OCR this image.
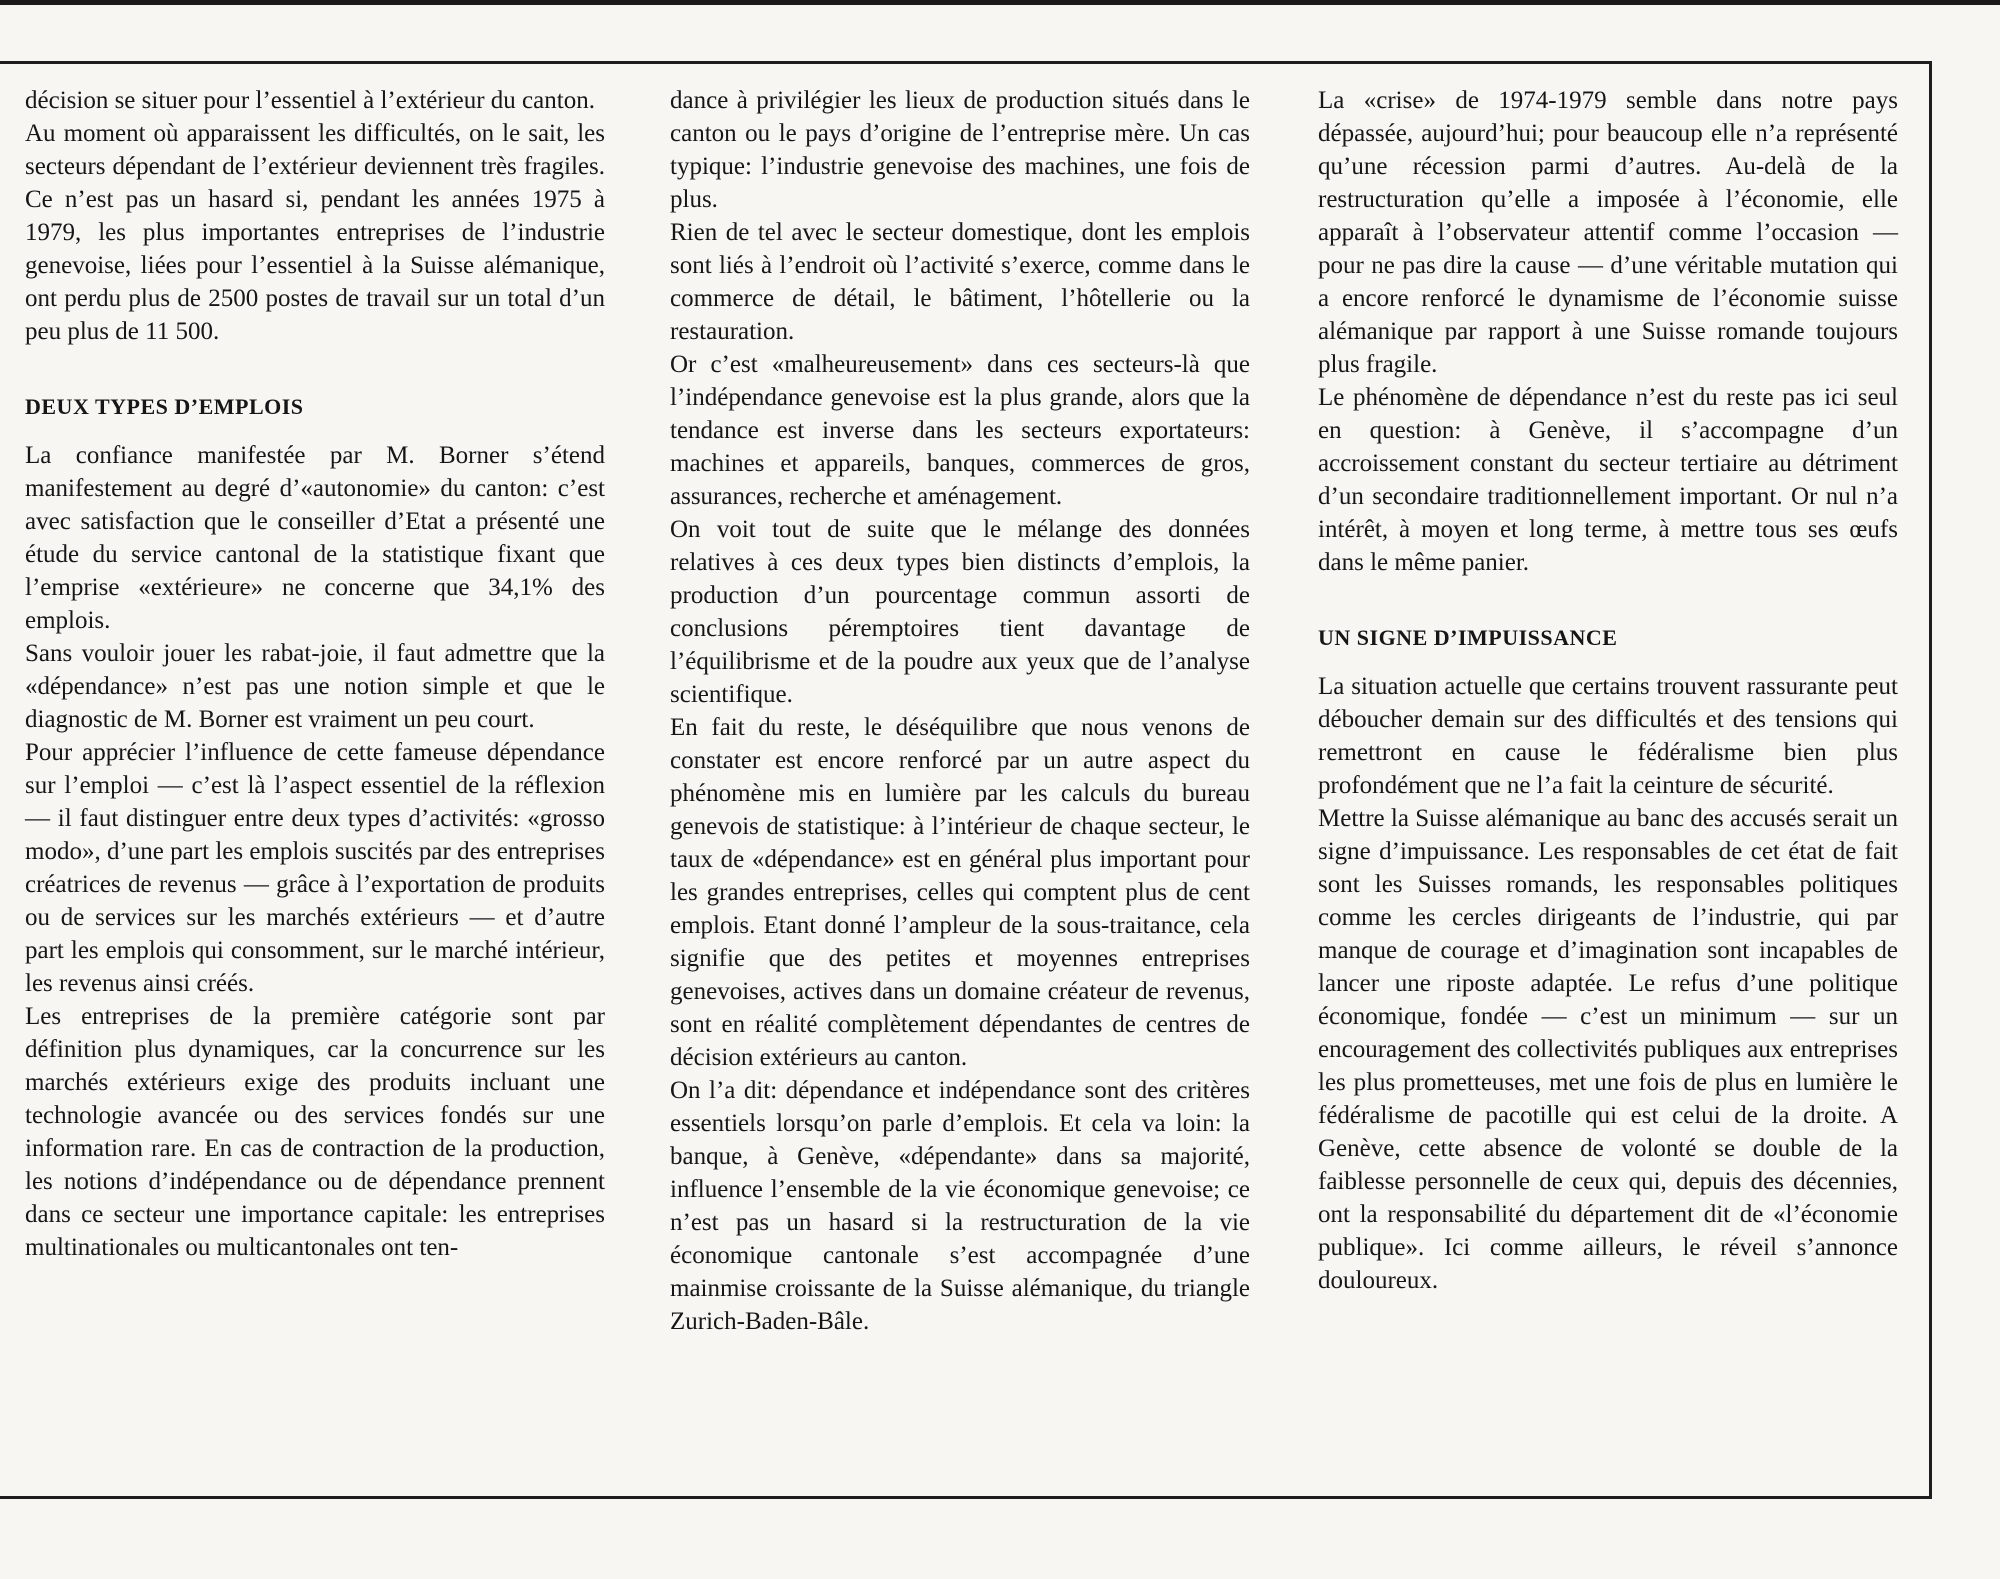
décision se situer pour l’essentiel à l’extérieur du canton.

Au moment où apparaissent les difficultés, on le sait, les secteurs dépendant de l’extérieur deviennent très fragiles. Ce n’est pas un hasard si, pendant les années 1975 à 1979, les plus importantes entreprises de l’industrie genevoise, liées pour l’essentiel à la Suisse alémanique, ont perdu plus de 2500 postes de travail sur un total d’un peu plus de 11 500.

DEUX TYPES D’EMPLOIS

La confiance manifestée par M. Borner s’étend manifestement au degré d’«autonomie» du canton: c’est avec satisfaction que le conseiller d’Etat a présenté une étude du service cantonal de la statistique fixant que l’emprise «extérieure» ne concerne que 34,1% des emplois.

Sans vouloir jouer les rabat-joie, il faut admettre que la «dépendance» n’est pas une notion simple et que le diagnostic de M. Borner est vraiment un peu court.

Pour apprécier l’influence de cette fameuse dépendance sur l’emploi — c’est là l’aspect essentiel de la réflexion — il faut distinguer entre deux types d’activités: «grosso modo», d’une part les emplois suscités par des entreprises créatrices de revenus — grâce à l’exportation de produits ou de services sur les marchés extérieurs — et d’autre part les emplois qui consomment, sur le marché intérieur, les revenus ainsi créés.

Les entreprises de la première catégorie sont par définition plus dynamiques, car la concurrence sur les marchés extérieurs exige des produits incluant une technologie avancée ou des services fondés sur une information rare. En cas de contraction de la production, les notions d’indépendance ou de dépendance prennent dans ce secteur une importance capitale: les entreprises multinationales ou multicantonales ont ten-

dance à privilégier les lieux de production situés dans le canton ou le pays d’origine de l’entreprise mère. Un cas typique: l’industrie genevoise des machines, une fois de plus.

Rien de tel avec le secteur domestique, dont les emplois sont liés à l’endroit où l’activité s’exerce, comme dans le commerce de détail, le bâtiment, l’hôtellerie ou la restauration.

Or c’est «malheureusement» dans ces secteurs-là que l’indépendance genevoise est la plus grande, alors que la tendance est inverse dans les secteurs exportateurs: machines et appareils, banques, commerces de gros, assurances, recherche et aménagement.

On voit tout de suite que le mélange des données relatives à ces deux types bien distincts d’emplois, la production d’un pourcentage commun assorti de conclusions péremptoires tient davantage de l’équilibrisme et de la poudre aux yeux que de l’analyse scientifique.

En fait du reste, le déséquilibre que nous venons de constater est encore renforcé par un autre aspect du phénomène mis en lumière par les calculs du bureau genevois de statistique: à l’intérieur de chaque secteur, le taux de «dépendance» est en général plus important pour les grandes entreprises, celles qui comptent plus de cent emplois. Etant donné l’ampleur de la sous-traitance, cela signifie que des petites et moyennes entreprises genevoises, actives dans un domaine créateur de revenus, sont en réalité complètement dépendantes de centres de décision extérieurs au canton.

On l’a dit: dépendance et indépendance sont des critères essentiels lorsqu’on parle d’emplois. Et cela va loin: la banque, à Genève, «dépendante» dans sa majorité, influence l’ensemble de la vie économique genevoise; ce n’est pas un hasard si la restructuration de la vie économique cantonale s’est accompagnée d’une mainmise croissante de la Suisse alémanique, du triangle Zurich-Baden-Bâle.

La «crise» de 1974-1979 semble dans notre pays dépassée, aujourd’hui; pour beaucoup elle n’a représenté qu’une récession parmi d’autres. Au-delà de la restructuration qu’elle a imposée à l’économie, elle apparaît à l’observateur attentif comme l’occasion — pour ne pas dire la cause — d’une véritable mutation qui a encore renforcé le dynamisme de l’économie suisse alémanique par rapport à une Suisse romande toujours plus fragile.

Le phénomène de dépendance n’est du reste pas ici seul en question: à Genève, il s’accompagne d’un accroissement constant du secteur tertiaire au détriment d’un secondaire traditionnellement important. Or nul n’a intérêt, à moyen et long terme, à mettre tous ses œufs dans le même panier.

UN SIGNE D’IMPUISSANCE

La situation actuelle que certains trouvent rassurante peut déboucher demain sur des difficultés et des tensions qui remettront en cause le fédéralisme bien plus profondément que ne l’a fait la ceinture de sécurité.

Mettre la Suisse alémanique au banc des accusés serait un signe d’impuissance. Les responsables de cet état de fait sont les Suisses romands, les responsables politiques comme les cercles dirigeants de l’industrie, qui par manque de courage et d’imagination sont incapables de lancer une riposte adaptée. Le refus d’une politique économique, fondée — c’est un minimum — sur un encouragement des collectivités publiques aux entreprises les plus prometteuses, met une fois de plus en lumière le fédéralisme de pacotille qui est celui de la droite. A Genève, cette absence de volonté se double de la faiblesse personnelle de ceux qui, depuis des décennies, ont la responsabilité du département dit de «l’économie publique». Ici comme ailleurs, le réveil s’annonce douloureux.
